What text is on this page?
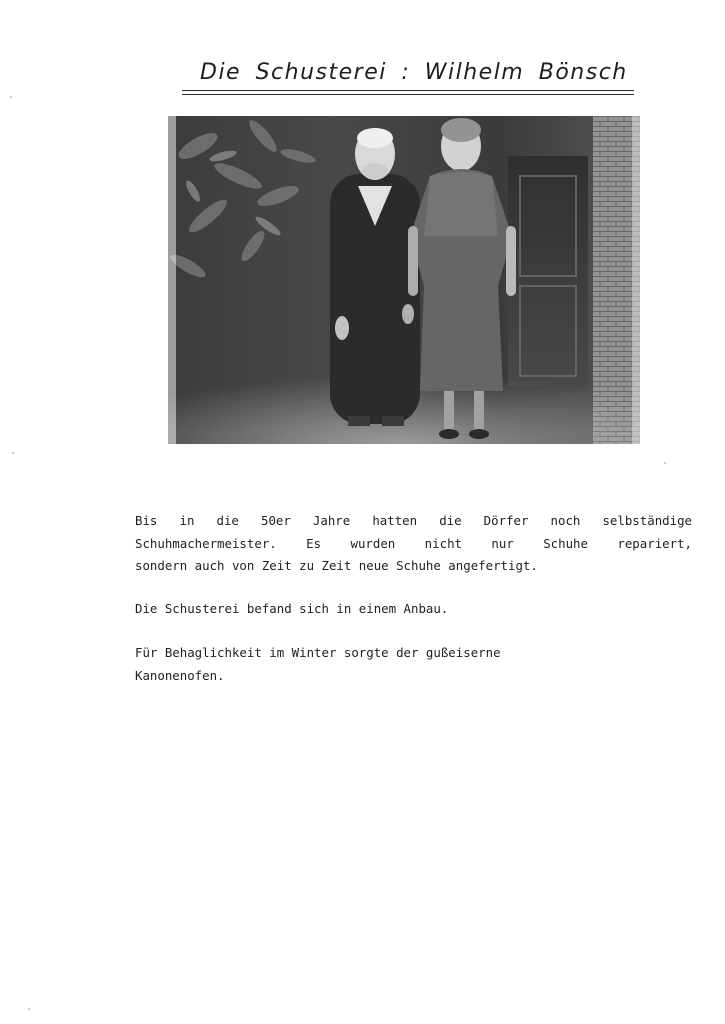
Die Schusterei : Wilhelm Bönsch
Bis in die 50er Jahre hatten die Dörfer noch selbständige
Schuhmachermeister. Es wurden nicht nur Schuhe repariert,
sondern auch von Zeit zu Zeit neue Schuhe angefertigt.
Die Schusterei befand sich in einem Anbau.
Für Behaglichkeit im Winter sorgte der gußeiserne
Kanonenofen.
